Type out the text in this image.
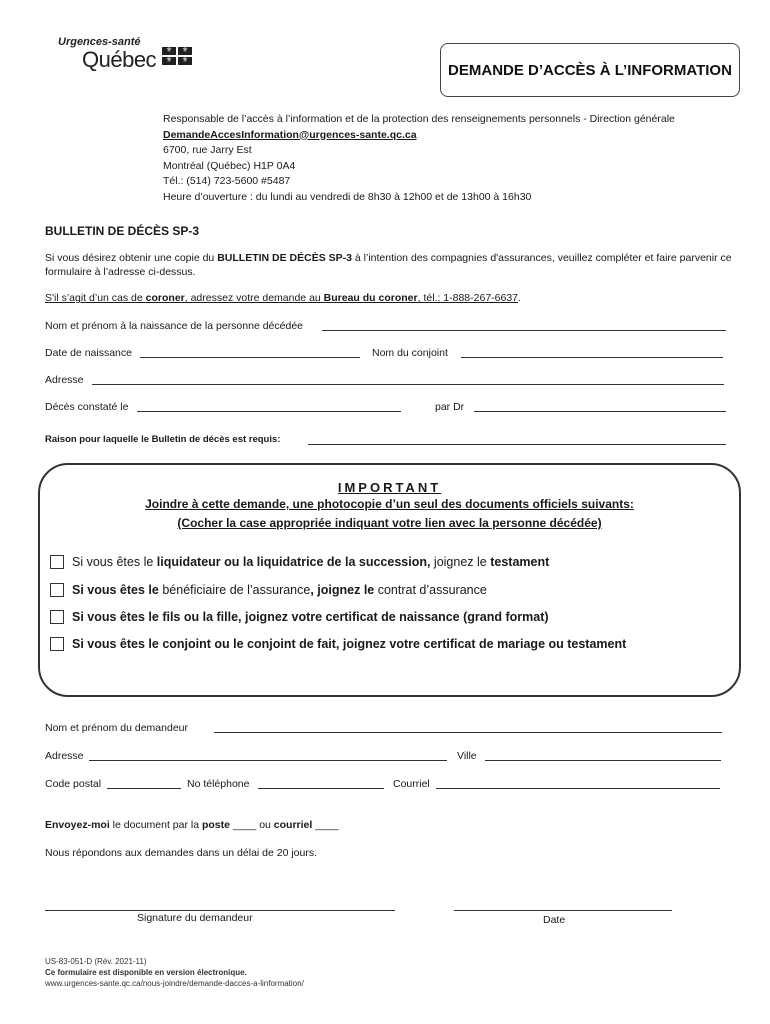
Urgences-santé
Québec	⚜	⚜
⚜	⚜
DEMANDE D’ACCÈS À L’INFORMATION
Responsable de l’accès à l’information et de la protection des renseignements personnels - Direction générale
DemandeAccesInformation@urgences-sante.qc.ca
6700, rue Jarry Est
Montréal (Québec) H1P 0A4
Tél.: (514) 723-5600 #5487
Heure d’ouverture : du lundi au vendredi de 8h30 à 12h00 et de 13h00 à 16h30
BULLETIN DE DÉCÈS SP-3
Si vous désirez obtenir une copie du BULLETIN DE DÉCÈS SP-3 à l’intention des compagnies d'assurances, veuillez compléter et faire parvenir ce formulaire à l’adresse ci-dessus.
S'il s’agit d’un cas de coroner, adressez votre demande au Bureau du coroner, tél.: 1-888-267-6637.
Nom et prénom à la naissance de la personne décédée
Date de naissance	Nom du conjoint
Adresse
Décès constaté le	par Dr
Raison pour laquelle le Bulletin de décès est requis:
IMPORTANT
Joindre à cette demande, une photocopie d’un seul des documents officiels suivants:
(Cocher la case appropriée indiquant votre lien avec la personne décédée)
Si vous êtes le liquidateur ou la liquidatrice de la succession, joignez le testament
Si vous êtes le bénéficiaire de l’assurance, joignez le contrat d’assurance
Si vous êtes le fils ou la fille, joignez votre certificat de naissance (grand format)
Si vous êtes le conjoint ou le conjoint de fait, joignez votre certificat de mariage ou testament
Nom et prénom du demandeur
Adresse	Ville
Code postal	No téléphone	Courriel
Envoyez-moi le document par la poste ____ ou courriel ____
Nous répondons aux demandes dans un délai de 20 jours.
Signature du demandeur	Date
US-83-051-D (Rév. 2021-11)
Ce formulaire est disponible en version électronique.
www.urgences-sante.qc.ca/nous-joindre/demande-dacces-a-linformation/
